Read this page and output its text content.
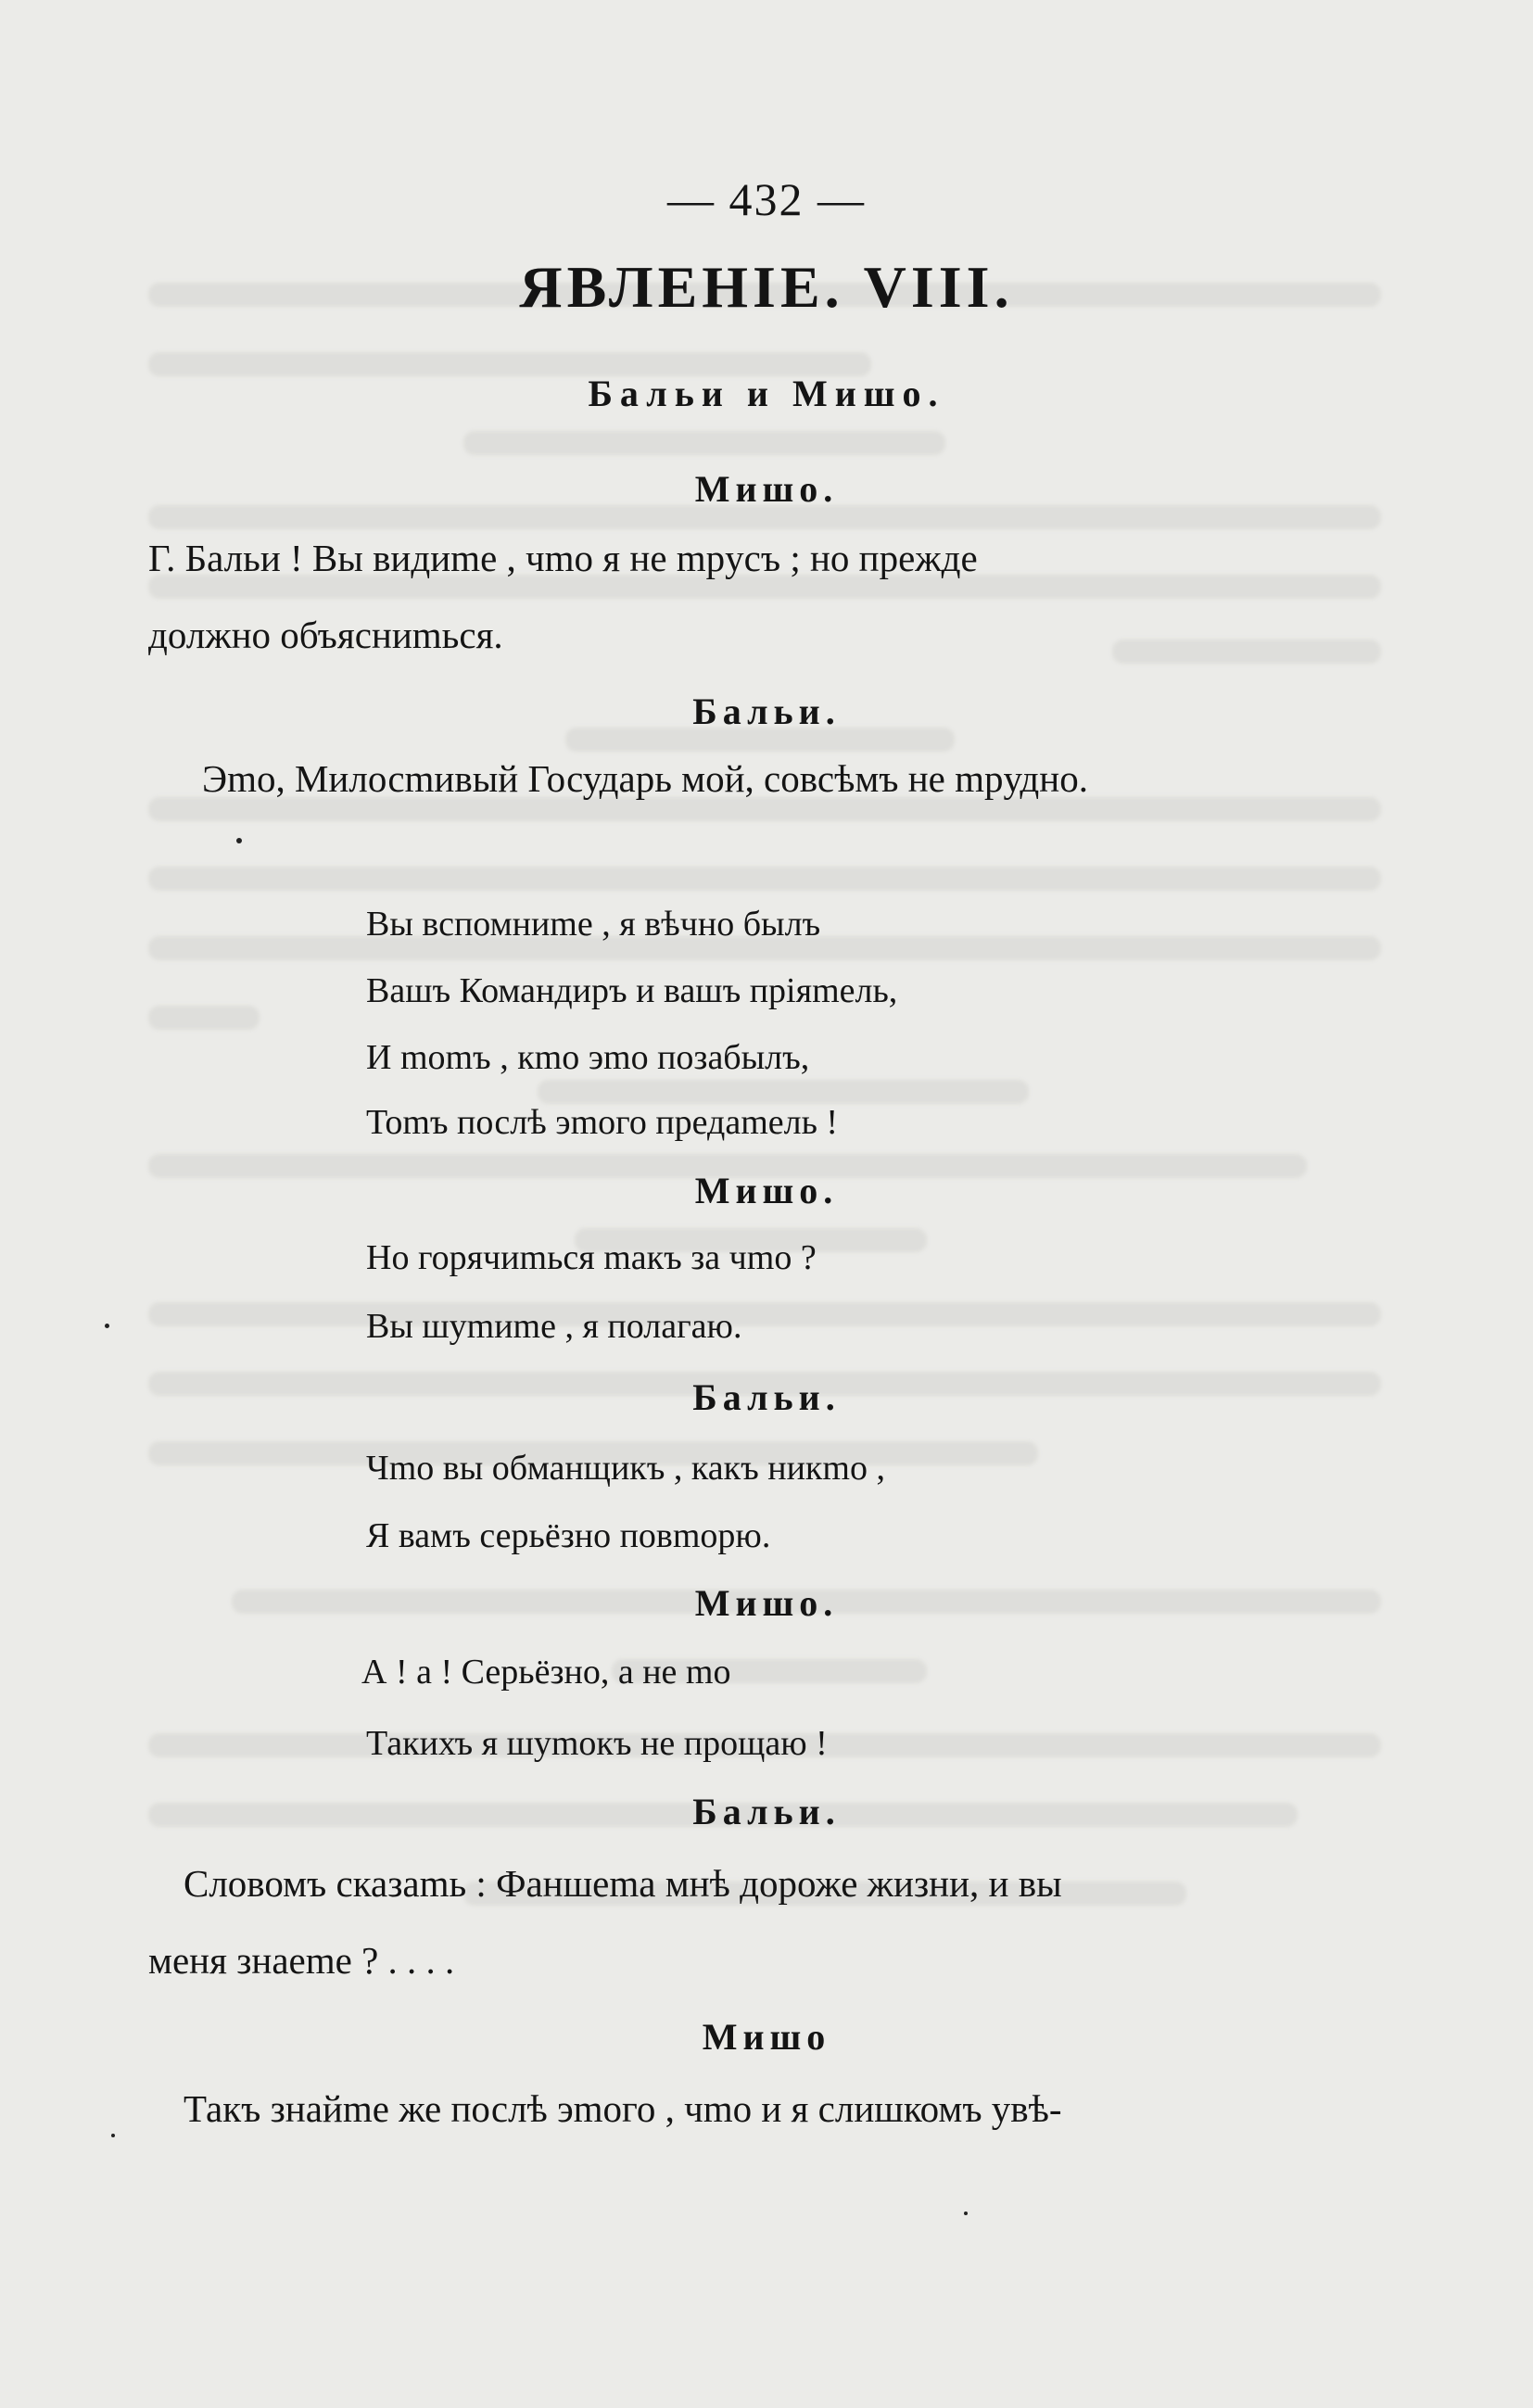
— 432 —
ЯВЛЕНІЕ. VIII.
Бальи и Мишо.
Мишо.
Г. Бальи ! Вы видиme , чmo я не mpусъ ; но прежде
должно объясниmься.
Бальи.
Эmo, Милосmивый Государь мой, совсѣмъ не mpудно.
Вы вспомниmе , я вѣчно былъ
Вашъ Командиръ и вашъ пріяmель,
И mоmъ , кmo эmo позабылъ,
Тоmъ послѣ эmoго предаmель !
Мишо.
Но горячиmься mакъ за чmo ?
Вы шуmиmе , я полагаю.
Бальи.
Чmo вы обманщикъ , какъ никmo ,
Я вамъ серьёзно повmорю.
Мишо.
А ! а ! Серьёзно, а не mo
Такихъ я шуmокъ не прощаю !
Бальи.
Словомъ сказаmь : Фаншеmа мнѣ дороже жизни, и вы
меня знаеmе ? . . . .
Мишо
Такъ знайmе же послѣ эmoго , чmo и я слишкомъ увѣ-
